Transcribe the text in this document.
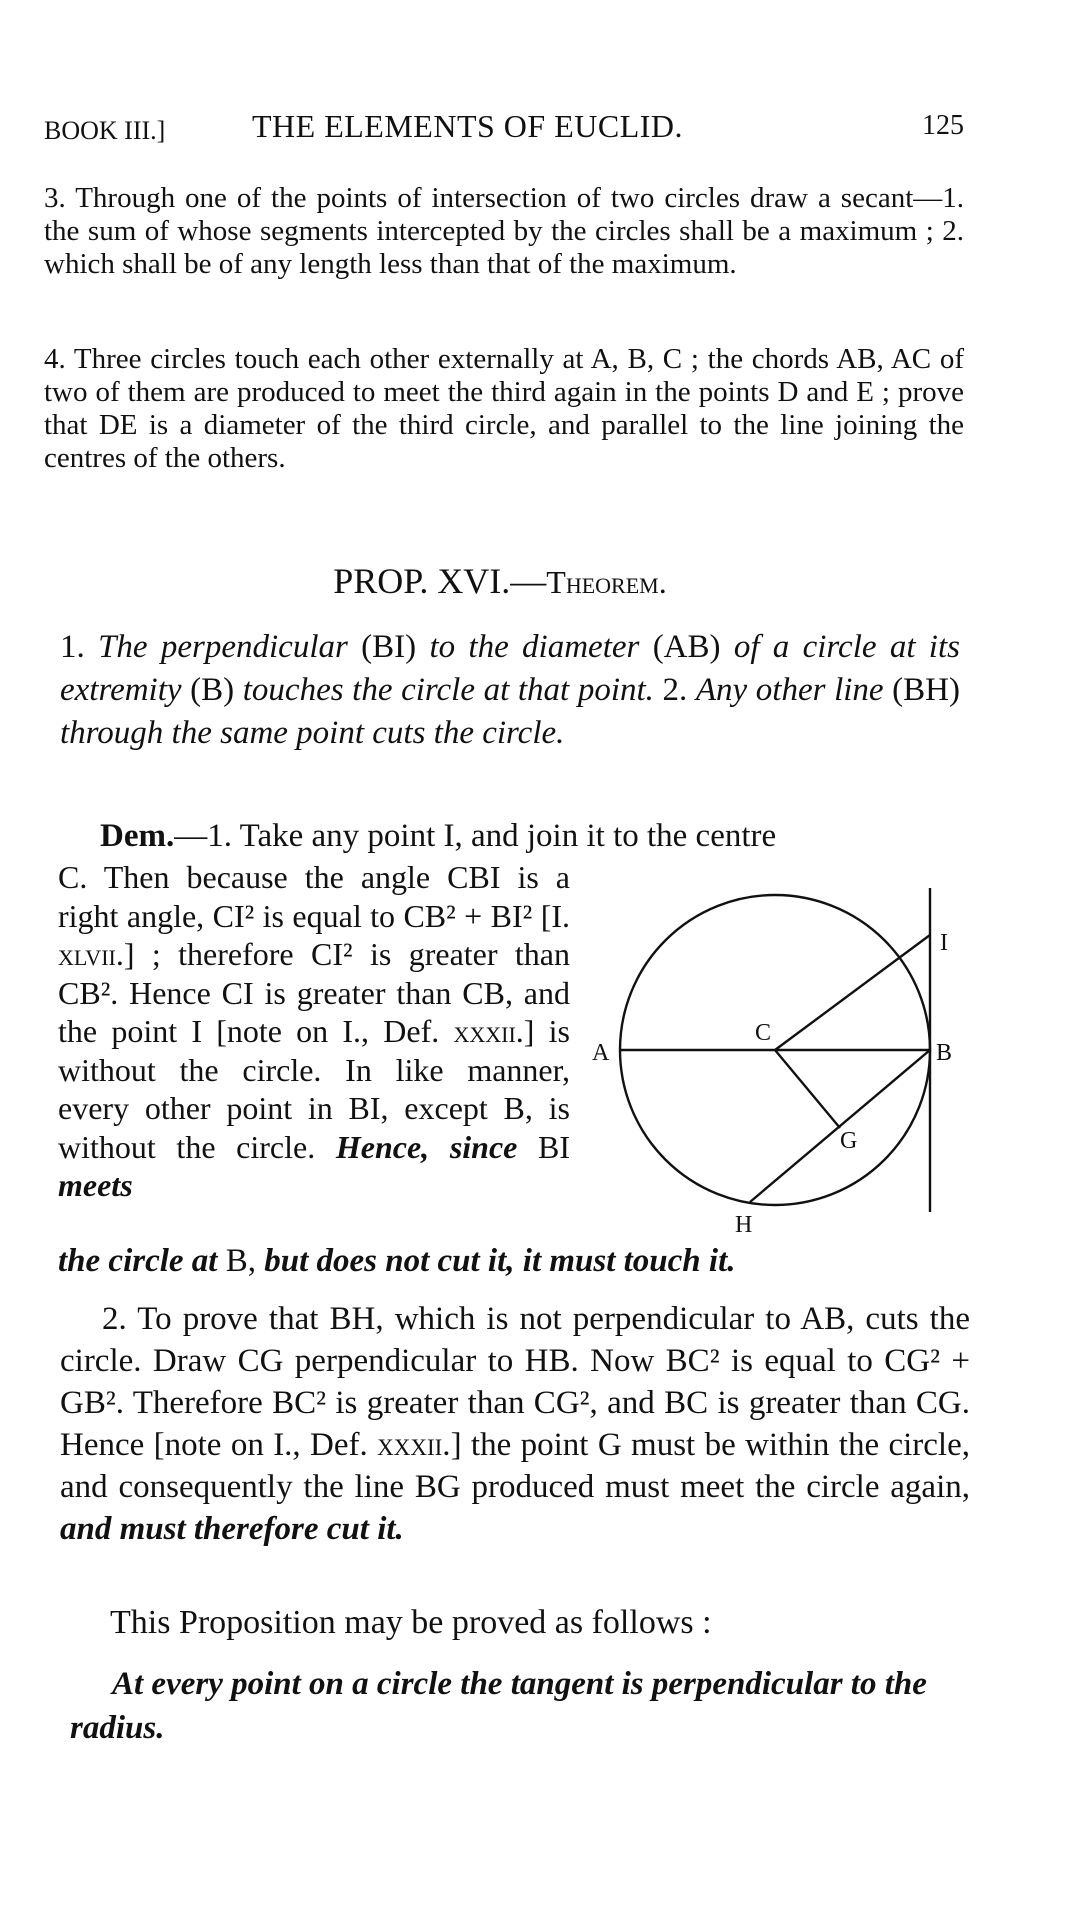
BOOK III.]	THE ELEMENTS OF EUCLID.	125

3. Through one of the points of intersection of two circles draw a secant—1. the sum of whose segments intercepted by the circles shall be a maximum ; 2. which shall be of any length less than that of the maximum.

4. Three circles touch each other externally at A, B, C ; the chords AB, AC of two of them are produced to meet the third again in the points D and E ; prove that DE is a diameter of the third circle, and parallel to the line joining the centres of the others.

PROP. XVI.—Theorem.

1. The perpendicular (BI) to the diameter (AB) of a circle at its extremity (B) touches the circle at that point. 2. Any other line (BH) through the same point cuts the circle.

Dem.—1. Take any point I, and join it to the centre

C. Then because the angle CBI is a right angle, CI² is equal to CB² + BI² [I. xlvii.] ; therefore CI² is greater than CB². Hence CI is greater than CB, and the point I [note on I., Def. xxxii.] is without the circle. In like manner, every other point in BI, except B, is without the circle. Hence, since BI meets

the circle at B, but does not cut it, it must touch it.
A	B
C
G
H
I

2. To prove that BH, which is not perpendicular to AB, cuts the circle. Draw CG perpendicular to HB. Now BC² is equal to CG² + GB². Therefore BC² is greater than CG², and BC is greater than CG. Hence [note on I., Def. xxxii.] the point G must be within the circle, and consequently the line BG produced must meet the circle again, and must therefore cut it.

This Proposition may be proved as follows :

At every point on a circle the tangent is perpendicular to the radius.
